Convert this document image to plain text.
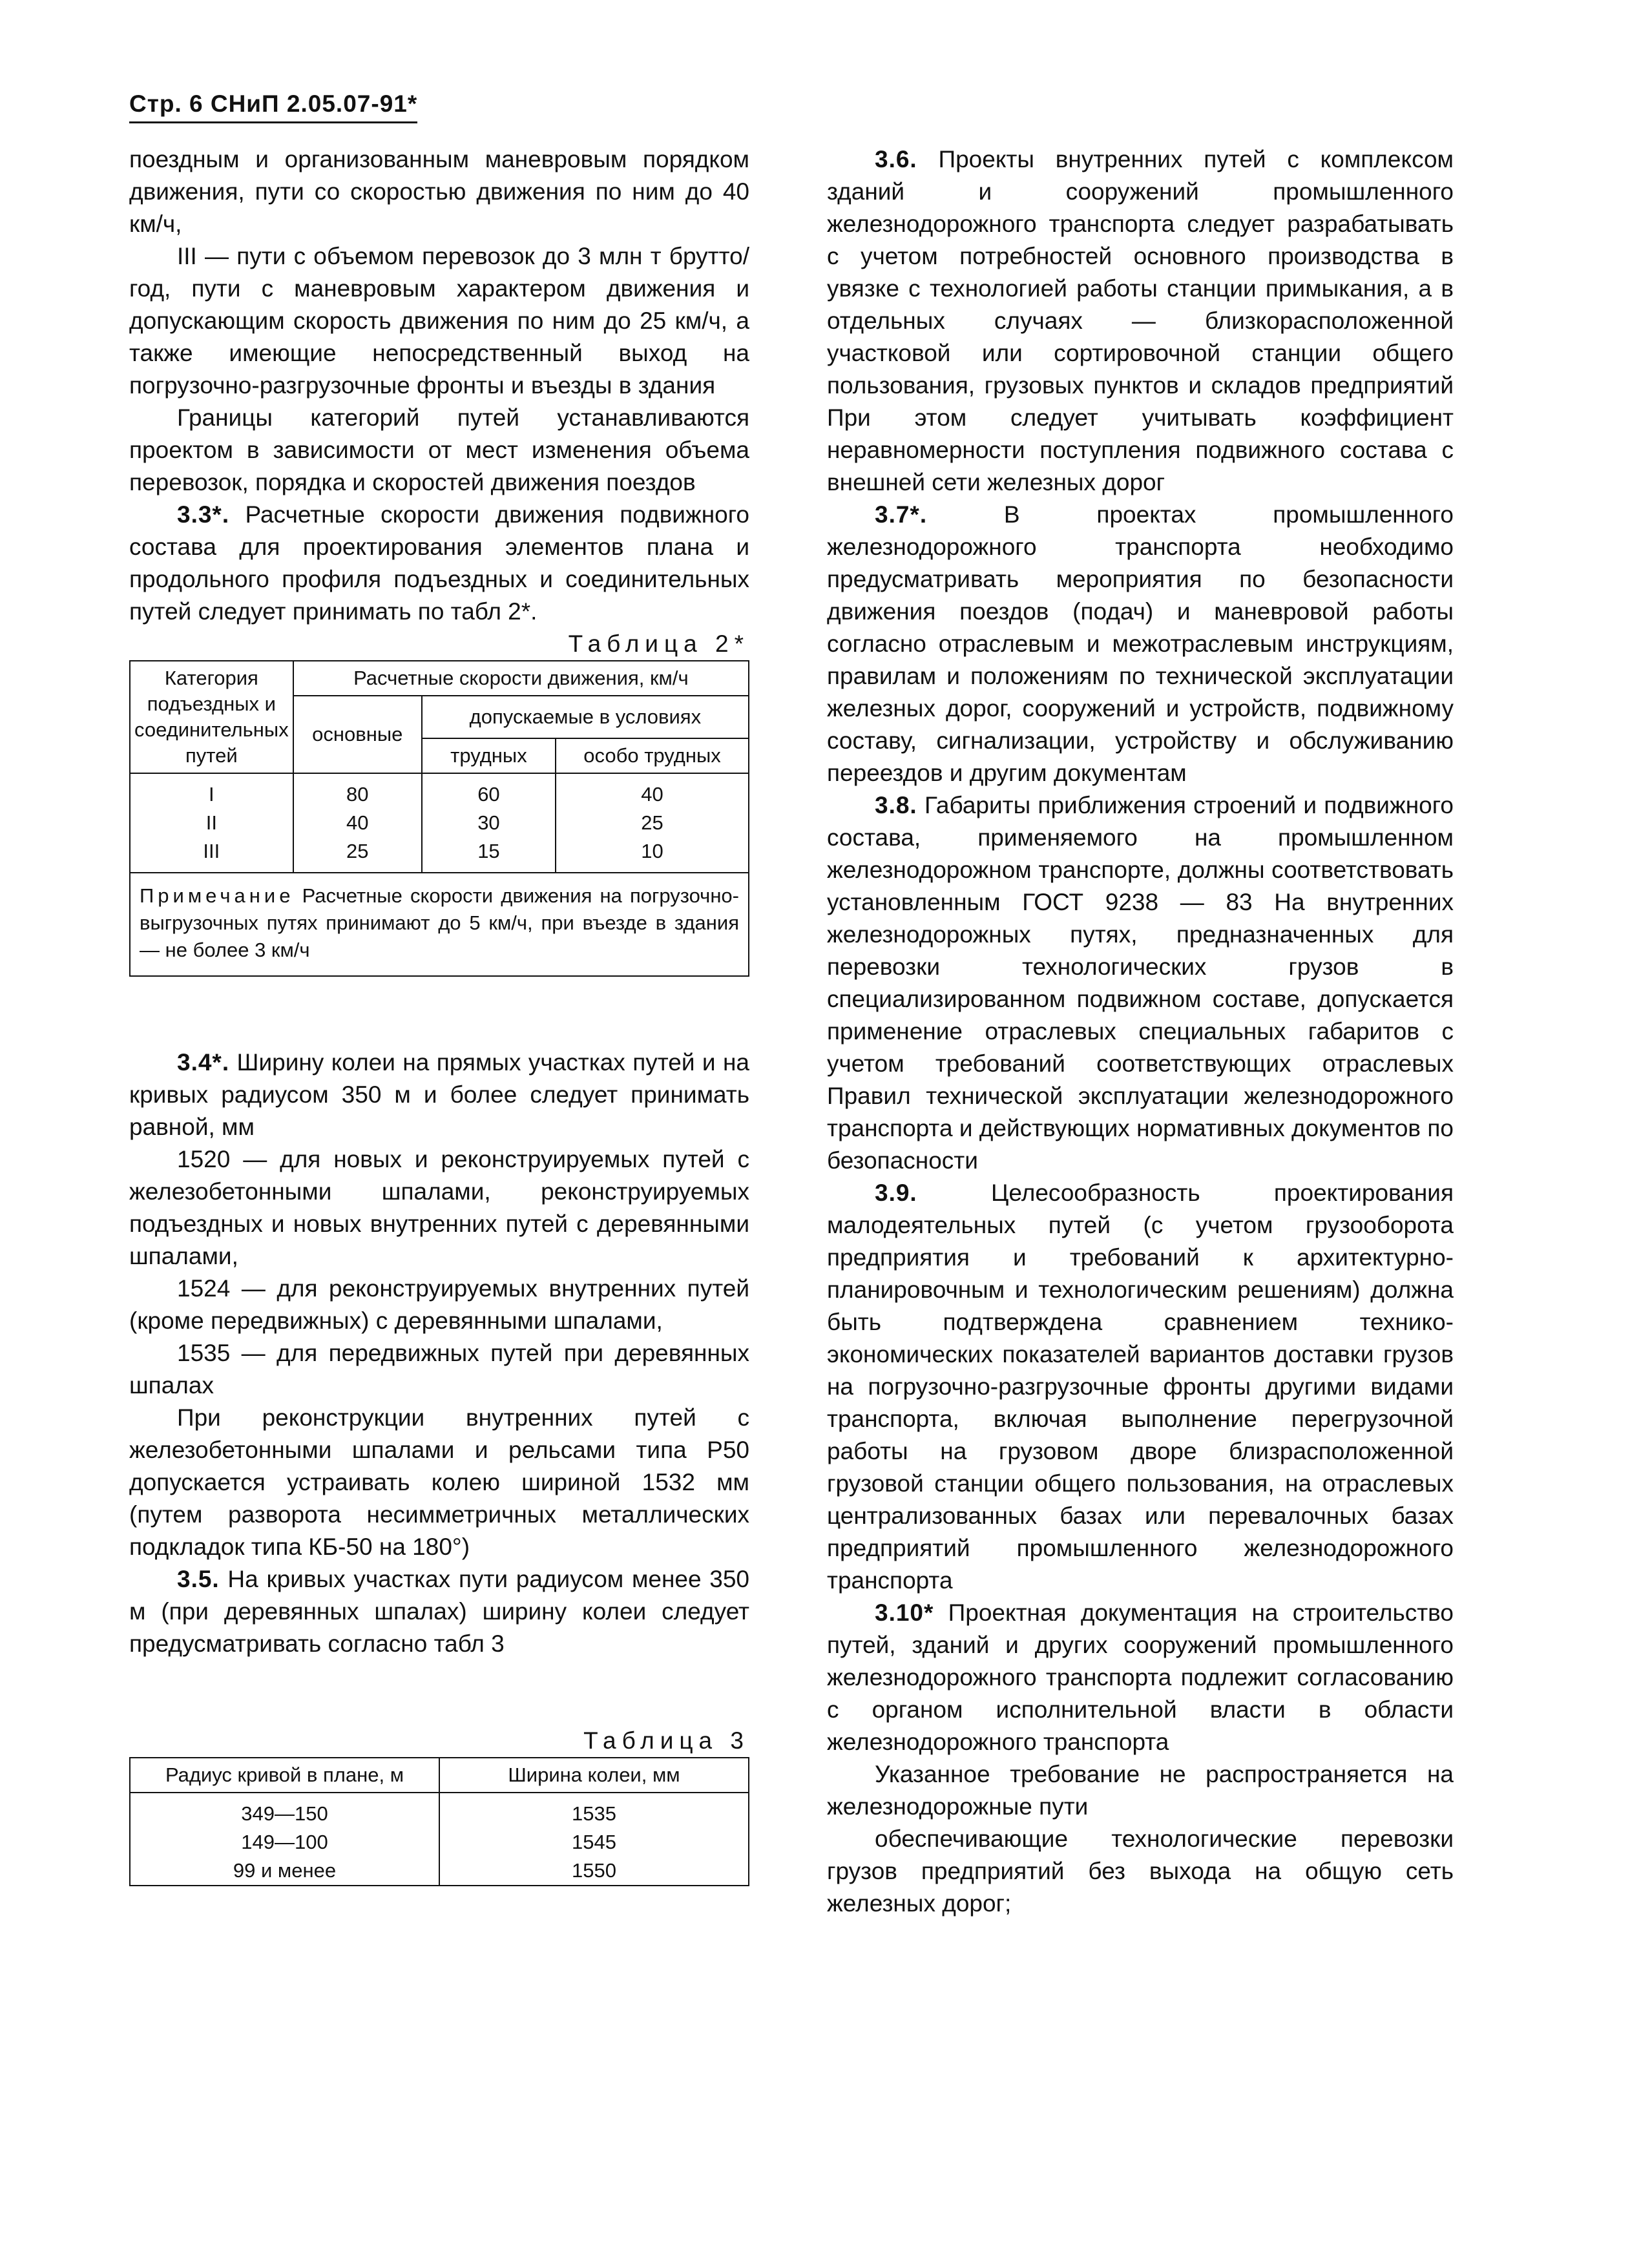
Стр. 6 СНиП 2.05.07-91*

поездным и организованным маневровым порядком движения, пути со скоростью движения по ним до 40 км/ч,

III — пути с объемом перевозок до 3 млн т брутто/год, пути с маневровым характером движения и допускающим скорость движения по ним до 25 км/ч, а также имеющие непосредственный выход на погрузочно-разгрузочные фронты и въезды в здания

Границы категорий путей устанавливаются проектом в зависимости от мест изменения объема перевозок, порядка и скоростей движения поездов

3.3*. Расчетные скорости движения подвижного состава для проектирования элементов плана и продольного профиля подъездных и соединительных путей следует принимать по табл 2*.

Таблица 2*

Категория подъездных и соединительных путей	Расчетные скорости движения, км/ч		
	основные	допускаемые в условиях	
		трудных	особо трудных

I	80	60	40
II	40	30	25
III	25	15	10

Примечание Расчетные скорости движения на погрузочно-выгрузочных путях принимают до 5 км/ч, при въезде в здания — не более 3 км/ч			

3.4*. Ширину колеи на прямых участках путей и на кривых радиусом 350 м и более следует принимать равной, мм

1520 — для новых и реконструируемых путей с железобетонными шпалами, реконструируемых подъездных и новых внутренних путей с деревянными шпалами,

1524 — для реконструируемых внутренних путей (кроме передвижных) с деревянными шпалами,

1535 — для передвижных путей при деревянных шпалах

При реконструкции внутренних путей с железобетонными шпалами и рельсами типа Р50 допускается устраивать колею шириной 1532 мм (путем разворота несимметричных металлических подкладок типа КБ-50 на 180°)

3.5. На кривых участках пути радиусом менее 350 м (при деревянных шпалах) ширину колеи следует предусматривать согласно табл 3

Таблица 3

Радиус кривой в плане, м	Ширина колеи, мм

349—150	1535
149—100	1545
99 и менее	1550

3.6. Проекты внутренних путей с комплексом зданий и сооружений промышленного железнодорожного транспорта следует разрабатывать с учетом потребностей основного производства в увязке с технологией работы станции примыкания, а в отдельных случаях — близкорасположенной участковой или сортировочной станции общего пользования, грузовых пунктов и складов предприятий При этом следует учитывать коэффициент неравномерности поступления подвижного состава с внешней сети железных дорог

3.7*. В проектах промышленного железнодорожного транспорта необходимо предусматривать мероприятия по безопасности движения поездов (подач) и маневровой работы согласно отраслевым и межотраслевым инструкциям, правилам и положениям по технической эксплуатации железных дорог, сооружений и устройств, подвижному составу, сигнализации, устройству и обслуживанию переездов и другим документам

3.8. Габариты приближения строений и подвижного состава, применяемого на промышленном железнодорожном транспорте, должны соответствовать установленным ГОСТ 9238 — 83 На внутренних железнодорожных путях, предназначенных для перевозки технологических грузов в специализированном подвижном составе, допускается применение отраслевых специальных габаритов с учетом требований соответствующих отраслевых Правил технической эксплуатации железнодорожного транспорта и действующих нормативных документов по безопасности

3.9. Целесообразность проектирования малодеятельных путей (с учетом грузооборота предприятия и требований к архитектурно-планировочным и технологическим решениям) должна быть подтверждена сравнением технико-экономических показателей вариантов доставки грузов на погрузочно-разгрузочные фронты другими видами транспорта, включая выполнение перегрузочной работы на грузовом дворе близрасположенной грузовой станции общего пользования, на отраслевых централизованных базах или перевалочных базах предприятий промышленного железнодорожного транспорта

3.10* Проектная документация на строительство путей, зданий и других сооружений промышленного железнодорожного транспорта подлежит согласованию с органом исполнительной власти в области железнодорожного транспорта

Указанное требование не распространяется на железнодорожные пути

обеспечивающие технологические перевозки грузов предприятий без выхода на общую сеть железных дорог;
